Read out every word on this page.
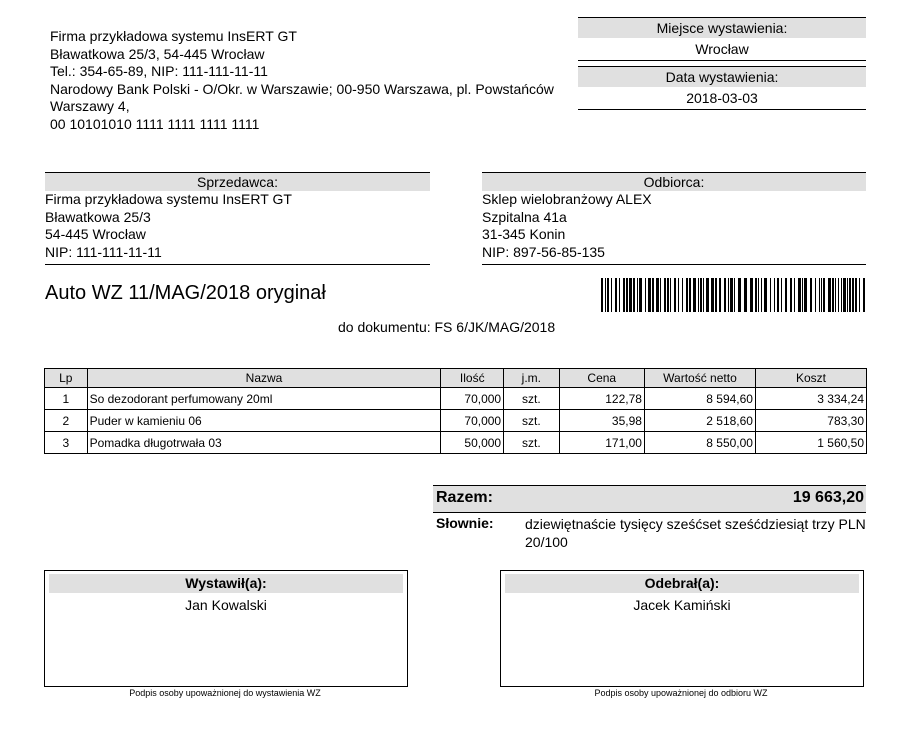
Firma przykładowa systemu InsERT GT
Bławatkowa 25/3, 54-445 Wrocław
Tel.: 354-65-89, NIP: 111-111-11-11
Narodowy Bank Polski - O/Okr. w Warszawie; 00-950 Warszawa, pl. Powstańców
Warszawy 4,
00 10101010 1111 1111 1111 1111
Miejsce wystawienia:
Wrocław
Data wystawienia:
2018-03-03
Sprzedawca:
Firma przykładowa systemu InsERT GT
Bławatkowa 25/3
54-445 Wrocław
NIP: 111-111-11-11
Odbiorca:
Sklep wielobranżowy ALEX
Szpitalna 41a
31-345 Konin
NIP: 897-56-85-135
Auto WZ 11/MAG/2018 oryginał
do dokumentu: FS 6/JK/MAG/2018
Lp	Nazwa	Ilość	j.m.	Cena	Wartość netto	Koszt
1	So dezodorant perfumowany 20ml	70,000	szt.	122,78	8 594,60	3 334,24
2	Puder w kamieniu 06	70,000	szt.	35,98	2 518,60	783,30
3	Pomadka długotrwała 03	50,000	szt.	171,00	8 550,00	1 560,50
Razem:	19 663,20
Słownie: dziewiętnaście tysięcy sześćset sześćdziesiąt trzy PLN 20/100
Wystawił(a):
Jan Kowalski
Podpis osoby upoważnionej do wystawienia WZ
Odebrał(a):
Jacek Kamiński
Podpis osoby upoważnionej do odbioru WZ
